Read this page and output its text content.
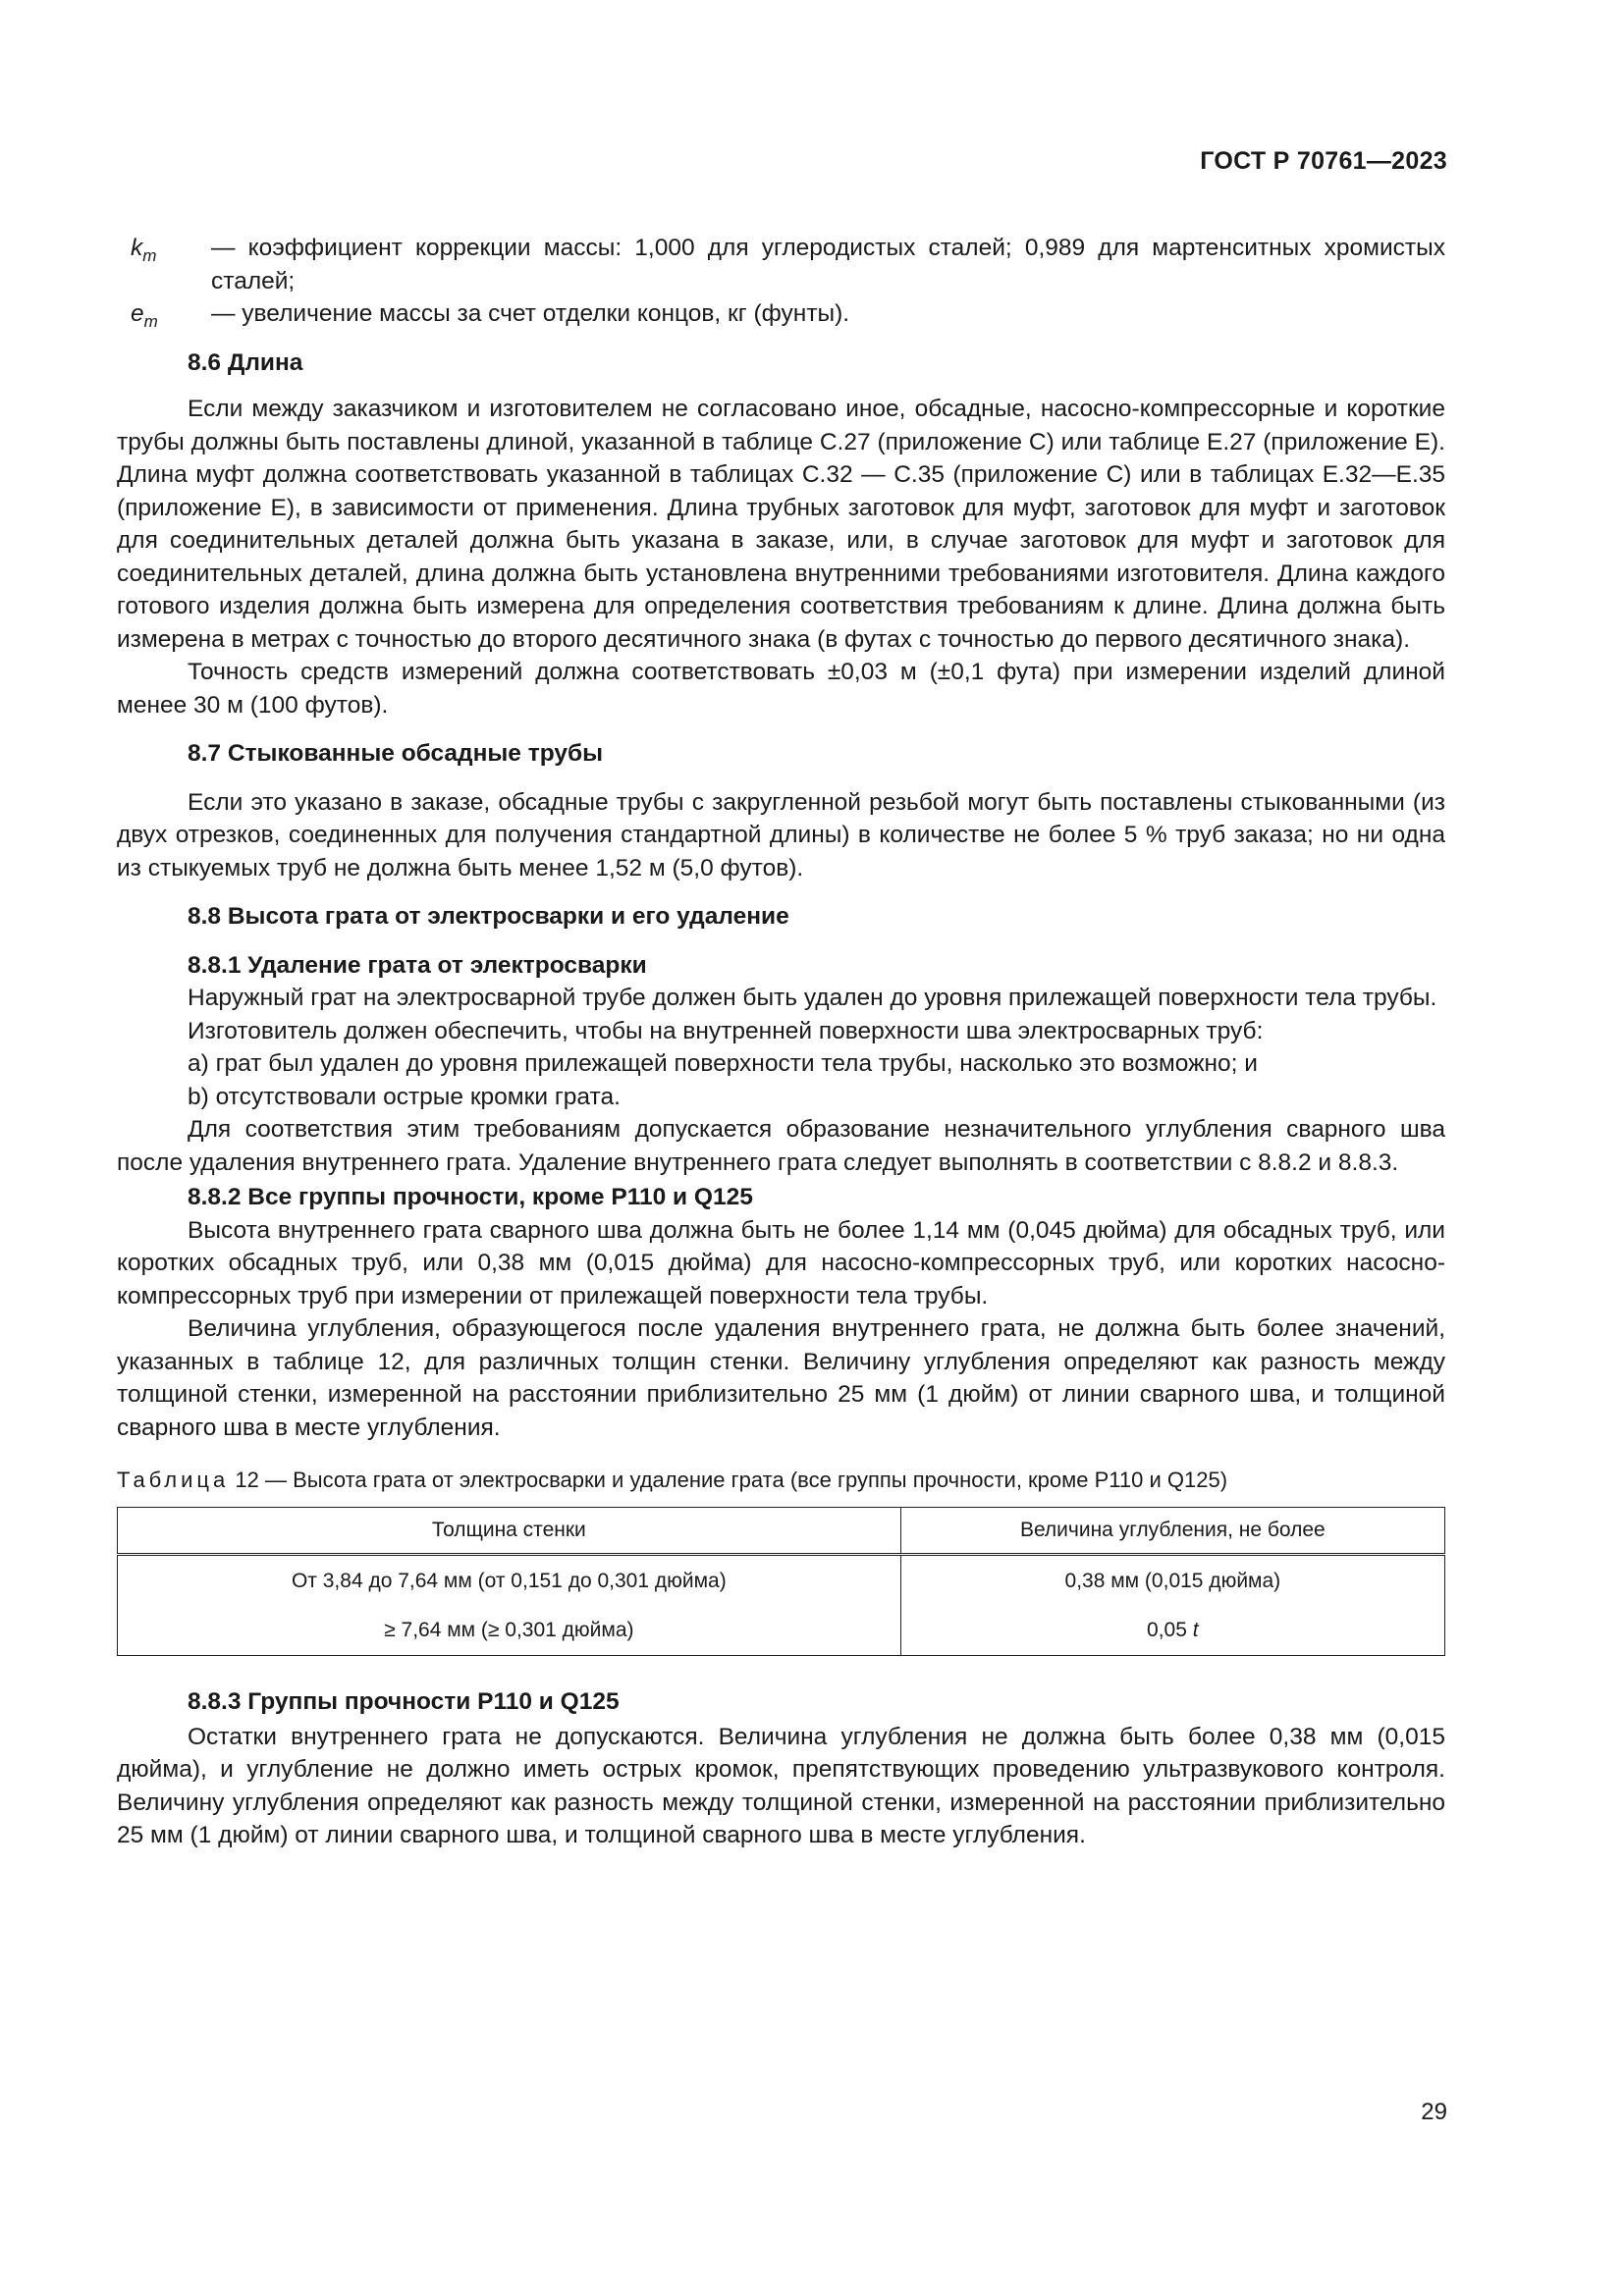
ГОСТ Р 70761—2023
$k_m$ — коэффициент коррекции массы: 1,000 для углеродистых сталей; 0,989 для мартенситных хромистых сталей;
$e_m$ — увеличение массы за счет отделки концов, кг (фунты).

8.6 Длина

Если между заказчиком и изготовителем не согласовано иное, обсадные, насосно-компрессорные и короткие трубы должны быть поставлены длиной, указанной в таблице С.27 (приложение С) или таблице Е.27 (приложение Е). Длина муфт должна соответствовать указанной в таблицах С.32 — С.35 (приложение С) или в таблицах Е.32—Е.35 (приложение Е), в зависимости от применения. Длина трубных заготовок для муфт, заготовок для муфт и заготовок для соединительных деталей должна быть указана в заказе, или, в случае заготовок для муфт и заготовок для соединительных деталей, длина должна быть установлена внутренними требованиями изготовителя. Длина каждого готового изделия должна быть измерена для определения соответствия требованиям к длине. Длина должна быть измерена в метрах с точностью до второго десятичного знака (в футах с точностью до первого десятичного знака).

Точность средств измерений должна соответствовать ±0,03 м (±0,1 фута) при измерении изделий длиной менее 30 м (100 футов).

8.7 Стыкованные обсадные трубы

Если это указано в заказе, обсадные трубы с закругленной резьбой могут быть поставлены стыкованными (из двух отрезков, соединенных для получения стандартной длины) в количестве не более 5 % труб заказа; но ни одна из стыкуемых труб не должна быть менее 1,52 м (5,0 футов).

8.8 Высота грата от электросварки и его удаление

8.8.1 Удаление грата от электросварки

Наружный грат на электросварной трубе должен быть удален до уровня прилежащей поверхности тела трубы.

Изготовитель должен обеспечить, чтобы на внутренней поверхности шва электросварных труб:

a) грат был удален до уровня прилежащей поверхности тела трубы, насколько это возможно; и

b) отсутствовали острые кромки грата.

Для соответствия этим требованиям допускается образование незначительного углубления сварного шва после удаления внутреннего грата. Удаление внутреннего грата следует выполнять в соответствии с 8.8.2 и 8.8.3.

8.8.2 Все группы прочности, кроме Р110 и Q125

Высота внутреннего грата сварного шва должна быть не более 1,14 мм (0,045 дюйма) для обсадных труб, или коротких обсадных труб, или 0,38 мм (0,015 дюйма) для насосно-компрессорных труб, или коротких насосно-компрессорных труб при измерении от прилежащей поверхности тела трубы.

Величина углубления, образующегося после удаления внутреннего грата, не должна быть более значений, указанных в таблице 12, для различных толщин стенки. Величину углубления определяют как разность между толщиной стенки, измеренной на расстоянии приблизительно 25 мм (1 дюйм) от линии сварного шва, и толщиной сварного шва в месте углубления.

Таблица 12 — Высота грата от электросварки и удаление грата (все группы прочности, кроме P110 и Q125)
Толщина стенки	Величина углубления, не более
От 3,84 до 7,64 мм (от 0,151 до 0,301 дюйма)	0,38 мм (0,015 дюйма)
≥ 7,64 мм (≥ 0,301 дюйма)	0,05 t

8.8.3 Группы прочности Р110 и Q125

Остатки внутреннего грата не допускаются. Величина углубления не должна быть более 0,38 мм (0,015 дюйма), и углубление не должно иметь острых кромок, препятствующих проведению ультразвукового контроля. Величину углубления определяют как разность между толщиной стенки, измеренной на расстоянии приблизительно 25 мм (1 дюйм) от линии сварного шва, и толщиной сварного шва в месте углубления.

29
